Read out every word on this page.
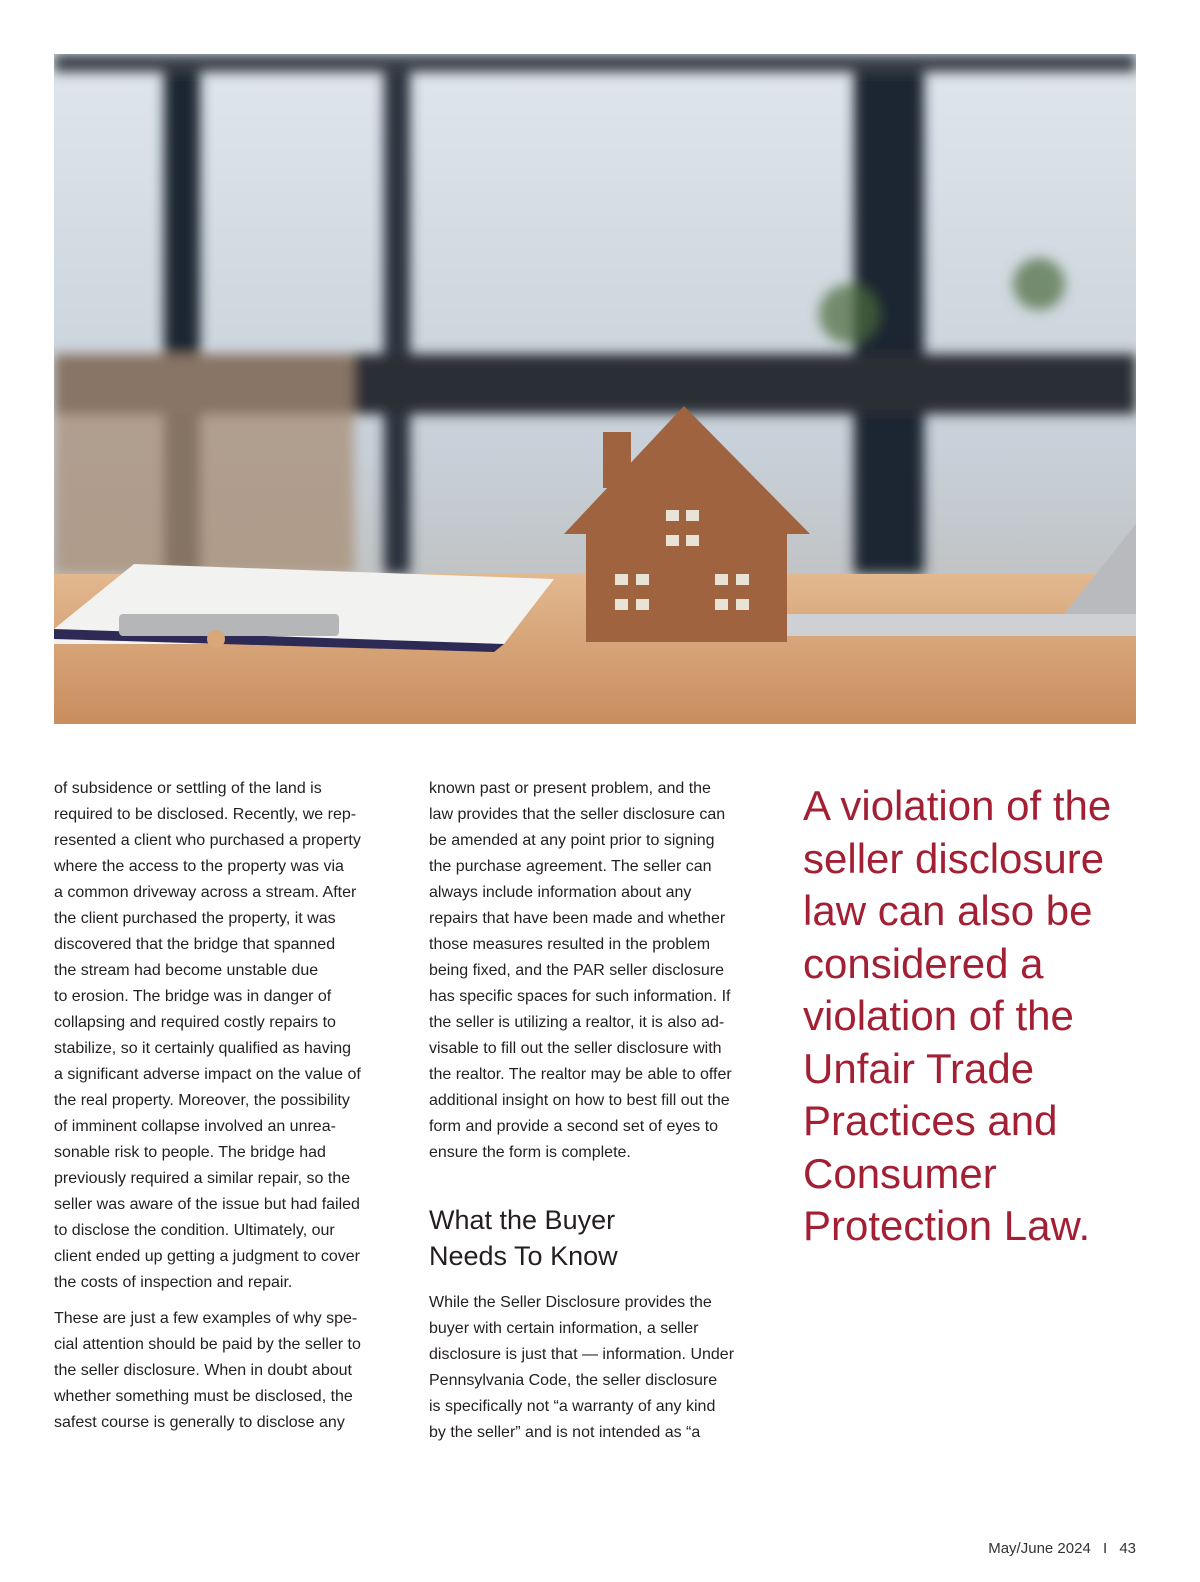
of subsidence or settling of the land is
required to be disclosed. Recently, we rep-
resented a client who purchased a property
where the access to the property was via
a common driveway across a stream. After
the client purchased the property, it was
discovered that the bridge that spanned
the stream had become unstable due
to erosion. The bridge was in danger of
collapsing and required costly repairs to
stabilize, so it certainly qualified as having
a significant adverse impact on the value of
the real property. Moreover, the possibility
of imminent collapse involved an unrea-
sonable risk to people. The bridge had
previously required a similar repair, so the
seller was aware of the issue but had failed
to disclose the condition. Ultimately, our
client ended up getting a judgment to cover
the costs of inspection and repair.

These are just a few examples of why spe-
cial attention should be paid by the seller to
the seller disclosure. When in doubt about
whether something must be disclosed, the
safest course is generally to disclose any

known past or present problem, and the
law provides that the seller disclosure can
be amended at any point prior to signing
the purchase agreement. The seller can
always include information about any
repairs that have been made and whether
those measures resulted in the problem
being fixed, and the PAR seller disclosure
has specific spaces for such information. If
the seller is utilizing a realtor, it is also ad-
visable to fill out the seller disclosure with
the realtor. The realtor may be able to offer
additional insight on how to best fill out the
form and provide a second set of eyes to
ensure the form is complete.

What the Buyer
Needs To Know

While the Seller Disclosure provides the
buyer with certain information, a seller
disclosure is just that — information. Under
Pennsylvania Code, the seller disclosure
is specifically not “a warranty of any kind
by the seller” and is not intended as “a

A violation of the
seller disclosure
law can also be
considered a
violation of the
Unfair Trade
Practices and
Consumer
Protection Law.
May/June 2024 I 43
